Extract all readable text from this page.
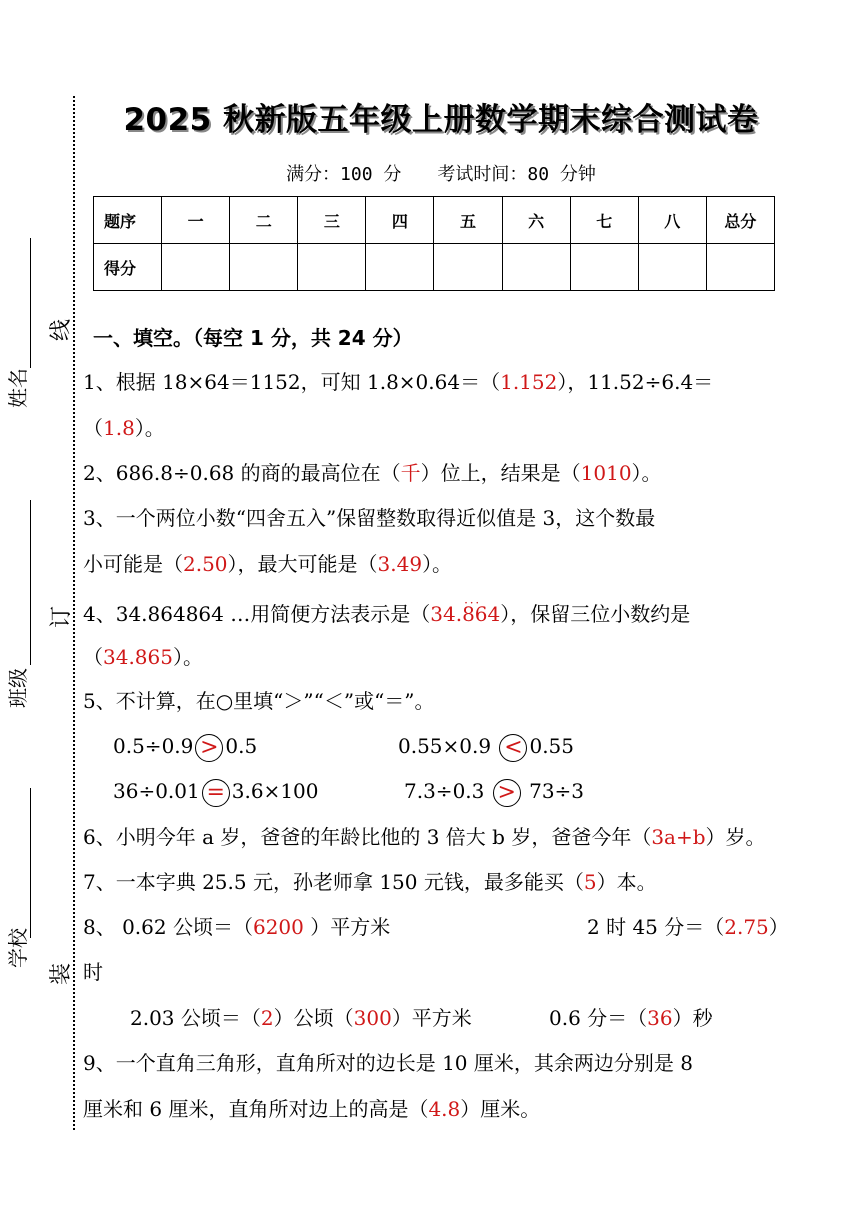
姓名
班级
学校
线
订
装
2025 秋新版五年级上册数学期末综合测试卷
满分：100 分 考试时间：80 分钟
题序	一	二	三	四	五	六	七	八	总分
得分									
一、填空。（每空 1 分，共 24 分）
1、根据 18×64＝1152，可知 1.8×0.64＝（1.152），11.52÷6.4＝
（1.8）。
2、686.8÷0.68 的商的最高位在（千）位上，结果是（1010）。
3、一个两位小数“四舍五入”保留整数取得近似值是 3，这个数最
小可能是（2.50），最大可能是（3.49）。
4、34.864864 …用简便方法表示是（34.· · · 864），保留三位小数约是
（34.865）。
5、不计算，在○里填“＞”“＜”或“＝”。
0.5÷0.9 > 0.5	0.55×0.9 < 0.55
36÷0.01 = 3.6×100	7.3÷0.3 > 73÷3
6、小明今年 a 岁，爸爸的年龄比他的 3 倍大 b 岁，爸爸今年（3a+b）岁。
7、一本字典 25.5 元，孙老师拿 150 元钱，最多能买（5）本。
8、 0.62 公顷＝（6200 ）平方米	2 时 45 分＝（2.75）
时
2.03 公顷＝（2）公顷（300）平方米	0.6 分＝（36）秒
9、一个直角三角形，直角所对的边长是 10 厘米，其余两边分别是 8
厘米和 6 厘米，直角所对边上的高是（4.8）厘米。
